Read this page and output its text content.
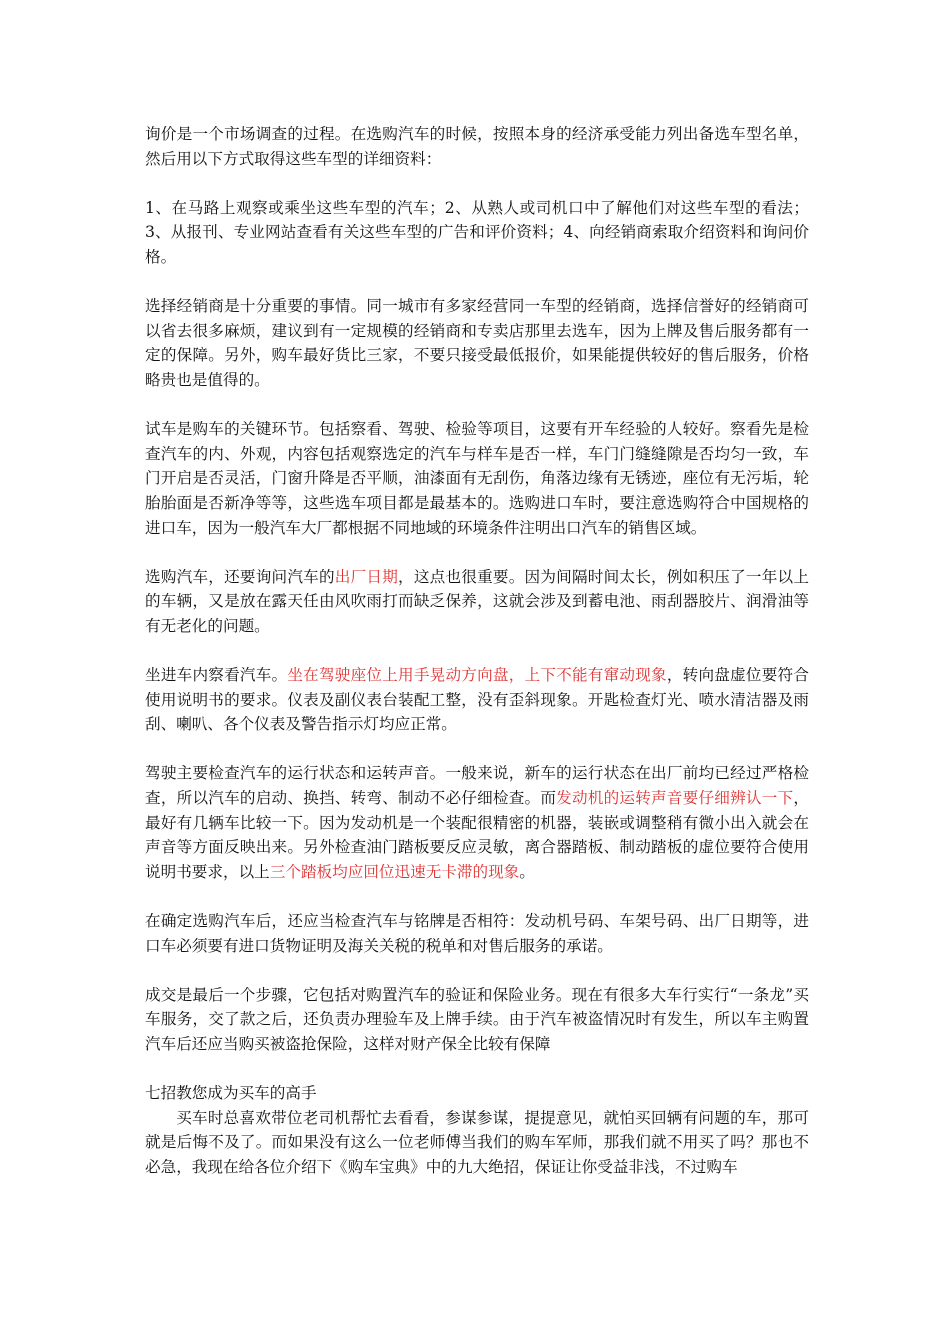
询价是一个市场调查的过程。在选购汽车的时候，按照本身的经济承受能力列出备选车型名单，然后用以下方式取得这些车型的详细资料：

1、在马路上观察或乘坐这些车型的汽车；2、从熟人或司机口中了解他们对这些车型的看法；3、从报刊、专业网站查看有关这些车型的广告和评价资料；4、向经销商索取介绍资料和询问价格。

选择经销商是十分重要的事情。同一城市有多家经营同一车型的经销商，选择信誉好的经销商可以省去很多麻烦，建议到有一定规模的经销商和专卖店那里去选车，因为上牌及售后服务都有一定的保障。另外，购车最好货比三家，不要只接受最低报价，如果能提供较好的售后服务，价格略贵也是值得的。

试车是购车的关键环节。包括察看、驾驶、检验等项目，这要有开车经验的人较好。察看先是检查汽车的内、外观，内容包括观察选定的汽车与样车是否一样，车门门缝缝隙是否均匀一致，车门开启是否灵活，门窗升降是否平顺，油漆面有无刮伤，角落边缘有无锈迹，座位有无污垢，轮胎胎面是否新净等等，这些选车项目都是最基本的。选购进口车时，要注意选购符合中国规格的进口车，因为一般汽车大厂都根据不同地域的环境条件注明出口汽车的销售区域。

选购汽车，还要询问汽车的出厂日期，这点也很重要。因为间隔时间太长，例如积压了一年以上的车辆，又是放在露天任由风吹雨打而缺乏保养，这就会涉及到蓄电池、雨刮器胶片、润滑油等有无老化的问题。

坐进车内察看汽车。坐在驾驶座位上用手晃动方向盘，上下不能有窜动现象，转向盘虚位要符合使用说明书的要求。仪表及副仪表台装配工整，没有歪斜现象。开匙检查灯光、喷水清洁器及雨刮、喇叭、各个仪表及警告指示灯均应正常。

驾驶主要检查汽车的运行状态和运转声音。一般来说，新车的运行状态在出厂前均已经过严格检查，所以汽车的启动、换挡、转弯、制动不必仔细检查。而发动机的运转声音要仔细辨认一下，最好有几辆车比较一下。因为发动机是一个装配很精密的机器，装嵌或调整稍有微小出入就会在声音等方面反映出来。另外检查油门踏板要反应灵敏，离合器踏板、制动踏板的虚位要符合使用说明书要求，以上三个踏板均应回位迅速无卡滞的现象。

在确定选购汽车后，还应当检查汽车与铭牌是否相符：发动机号码、车架号码、出厂日期等，进口车必须要有进口货物证明及海关关税的税单和对售后服务的承诺。

成交是最后一个步骤，它包括对购置汽车的验证和保险业务。现在有很多大车行实行“一条龙”买车服务，交了款之后，还负责办理验车及上牌手续。由于汽车被盗情况时有发生，所以车主购置汽车后还应当购买被盗抢保险，这样对财产保全比较有保障

七招教您成为买车的高手

买车时总喜欢带位老司机帮忙去看看，参谋参谋，提提意见，就怕买回辆有问题的车，那可就是后悔不及了。而如果没有这么一位老师傅当我们的购车军师，那我们就不用买了吗？那也不必急，我现在给各位介绍下《购车宝典》中的九大绝招，保证让你受益非浅，不过购车
